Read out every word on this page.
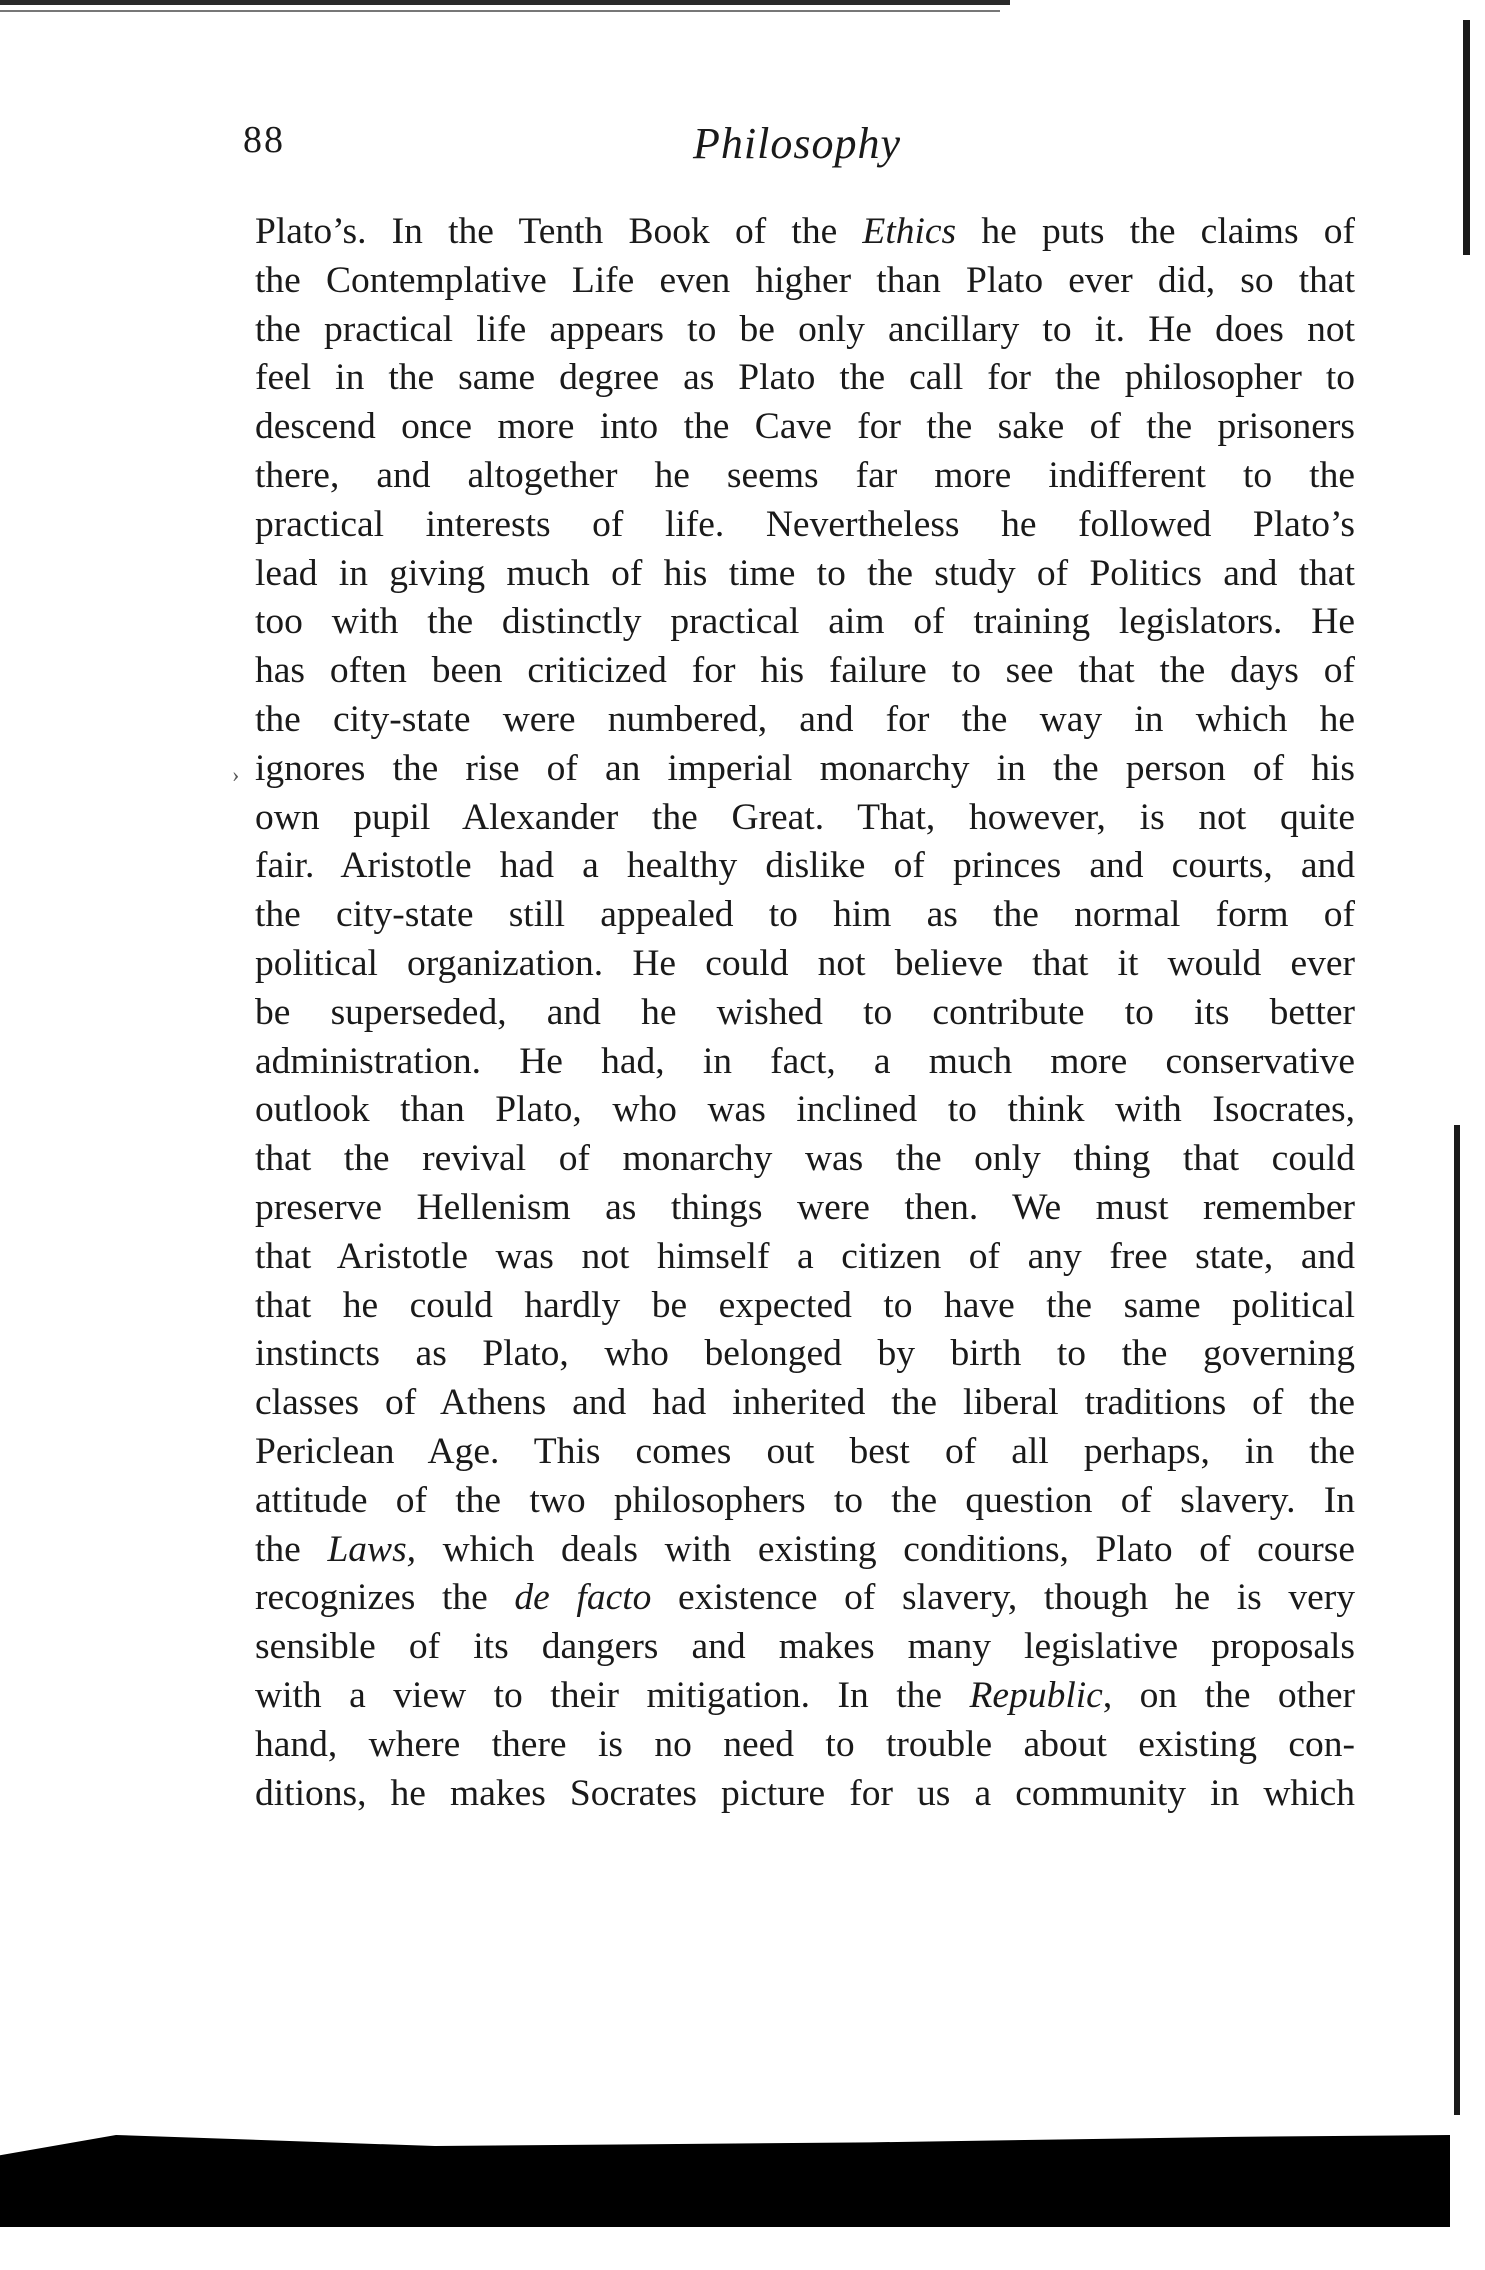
88	Philosophy
›
Plato’s. In the Tenth Book of the Ethics he puts the claims of
the Contemplative Life even higher than Plato ever did, so that
the practical life appears to be only ancillary to it. He does not
feel in the same degree as Plato the call for the philosopher to
descend once more into the Cave for the sake of the prisoners
there, and altogether he seems far more indifferent to the
practical interests of life. Nevertheless he followed Plato’s
lead in giving much of his time to the study of Politics and that
too with the distinctly practical aim of training legislators. He
has often been criticized for his failure to see that the days of
the city-state were numbered, and for the way in which he
ignores the rise of an imperial monarchy in the person of his
own pupil Alexander the Great. That, however, is not quite
fair. Aristotle had a healthy dislike of princes and courts, and
the city-state still appealed to him as the normal form of
political organization. He could not believe that it would ever
be superseded, and he wished to contribute to its better
administration. He had, in fact, a much more conservative
outlook than Plato, who was inclined to think with Isocrates,
that the revival of monarchy was the only thing that could
preserve Hellenism as things were then. We must remember
that Aristotle was not himself a citizen of any free state, and
that he could hardly be expected to have the same political
instincts as Plato, who belonged by birth to the governing
classes of Athens and had inherited the liberal traditions of the
Periclean Age. This comes out best of all perhaps, in the
attitude of the two philosophers to the question of slavery. In
the Laws, which deals with existing conditions, Plato of course
recognizes the de facto existence of slavery, though he is very
sensible of its dangers and makes many legislative proposals
with a view to their mitigation. In the Republic, on the other
hand, where there is no need to trouble about existing con-
ditions, he makes Socrates picture for us a community in which
